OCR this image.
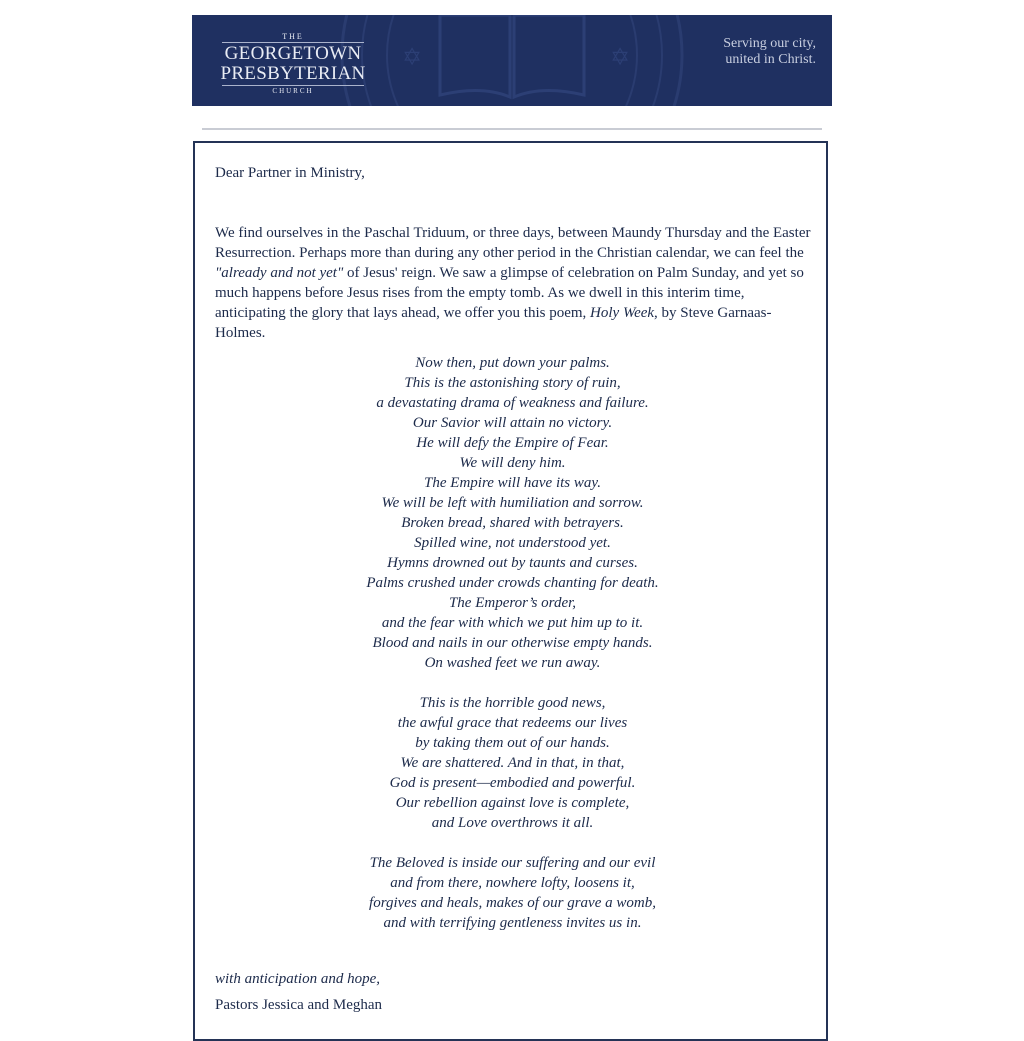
✡	✡
THE
GEORGETOWN
PRESBYTERIAN
CHURCH
Serving our city,
united in Christ.
Dear Partner in Ministry,
We find ourselves in the Paschal Triduum, or three days, between Maundy Thursday and the Easter Resurrection. Perhaps more than during any other period in the Christian calendar, we can feel the "already and not yet" of Jesus' reign. We saw a glimpse of celebration on Palm Sunday, and yet so much happens before Jesus rises from the empty tomb. As we dwell in this interim time, anticipating the glory that lays ahead, we offer you this poem, Holy Week, by Steve Garnaas-Holmes.
Now then, put down your palms.
This is the astonishing story of ruin,
a devastating drama of weakness and failure.
Our Savior will attain no victory.
He will defy the Empire of Fear.
We will deny him.
The Empire will have its way.
We will be left with humiliation and sorrow.
Broken bread, shared with betrayers.
Spilled wine, not understood yet.
Hymns drowned out by taunts and curses.
Palms crushed under crowds chanting for death.
The Emperor’s order,
and the fear with which we put him up to it.
Blood and nails in our otherwise empty hands.
On washed feet we run away.
This is the horrible good news,
the awful grace that redeems our lives
by taking them out of our hands.
We are shattered. And in that, in that,
God is present—embodied and powerful.
Our rebellion against love is complete,
and Love overthrows it all.
The Beloved is inside our suffering and our evil
and from there, nowhere lofty, loosens it,
forgives and heals, makes of our grave a womb,
and with terrifying gentleness invites us in.
with anticipation and hope,
Pastors Jessica and Meghan
